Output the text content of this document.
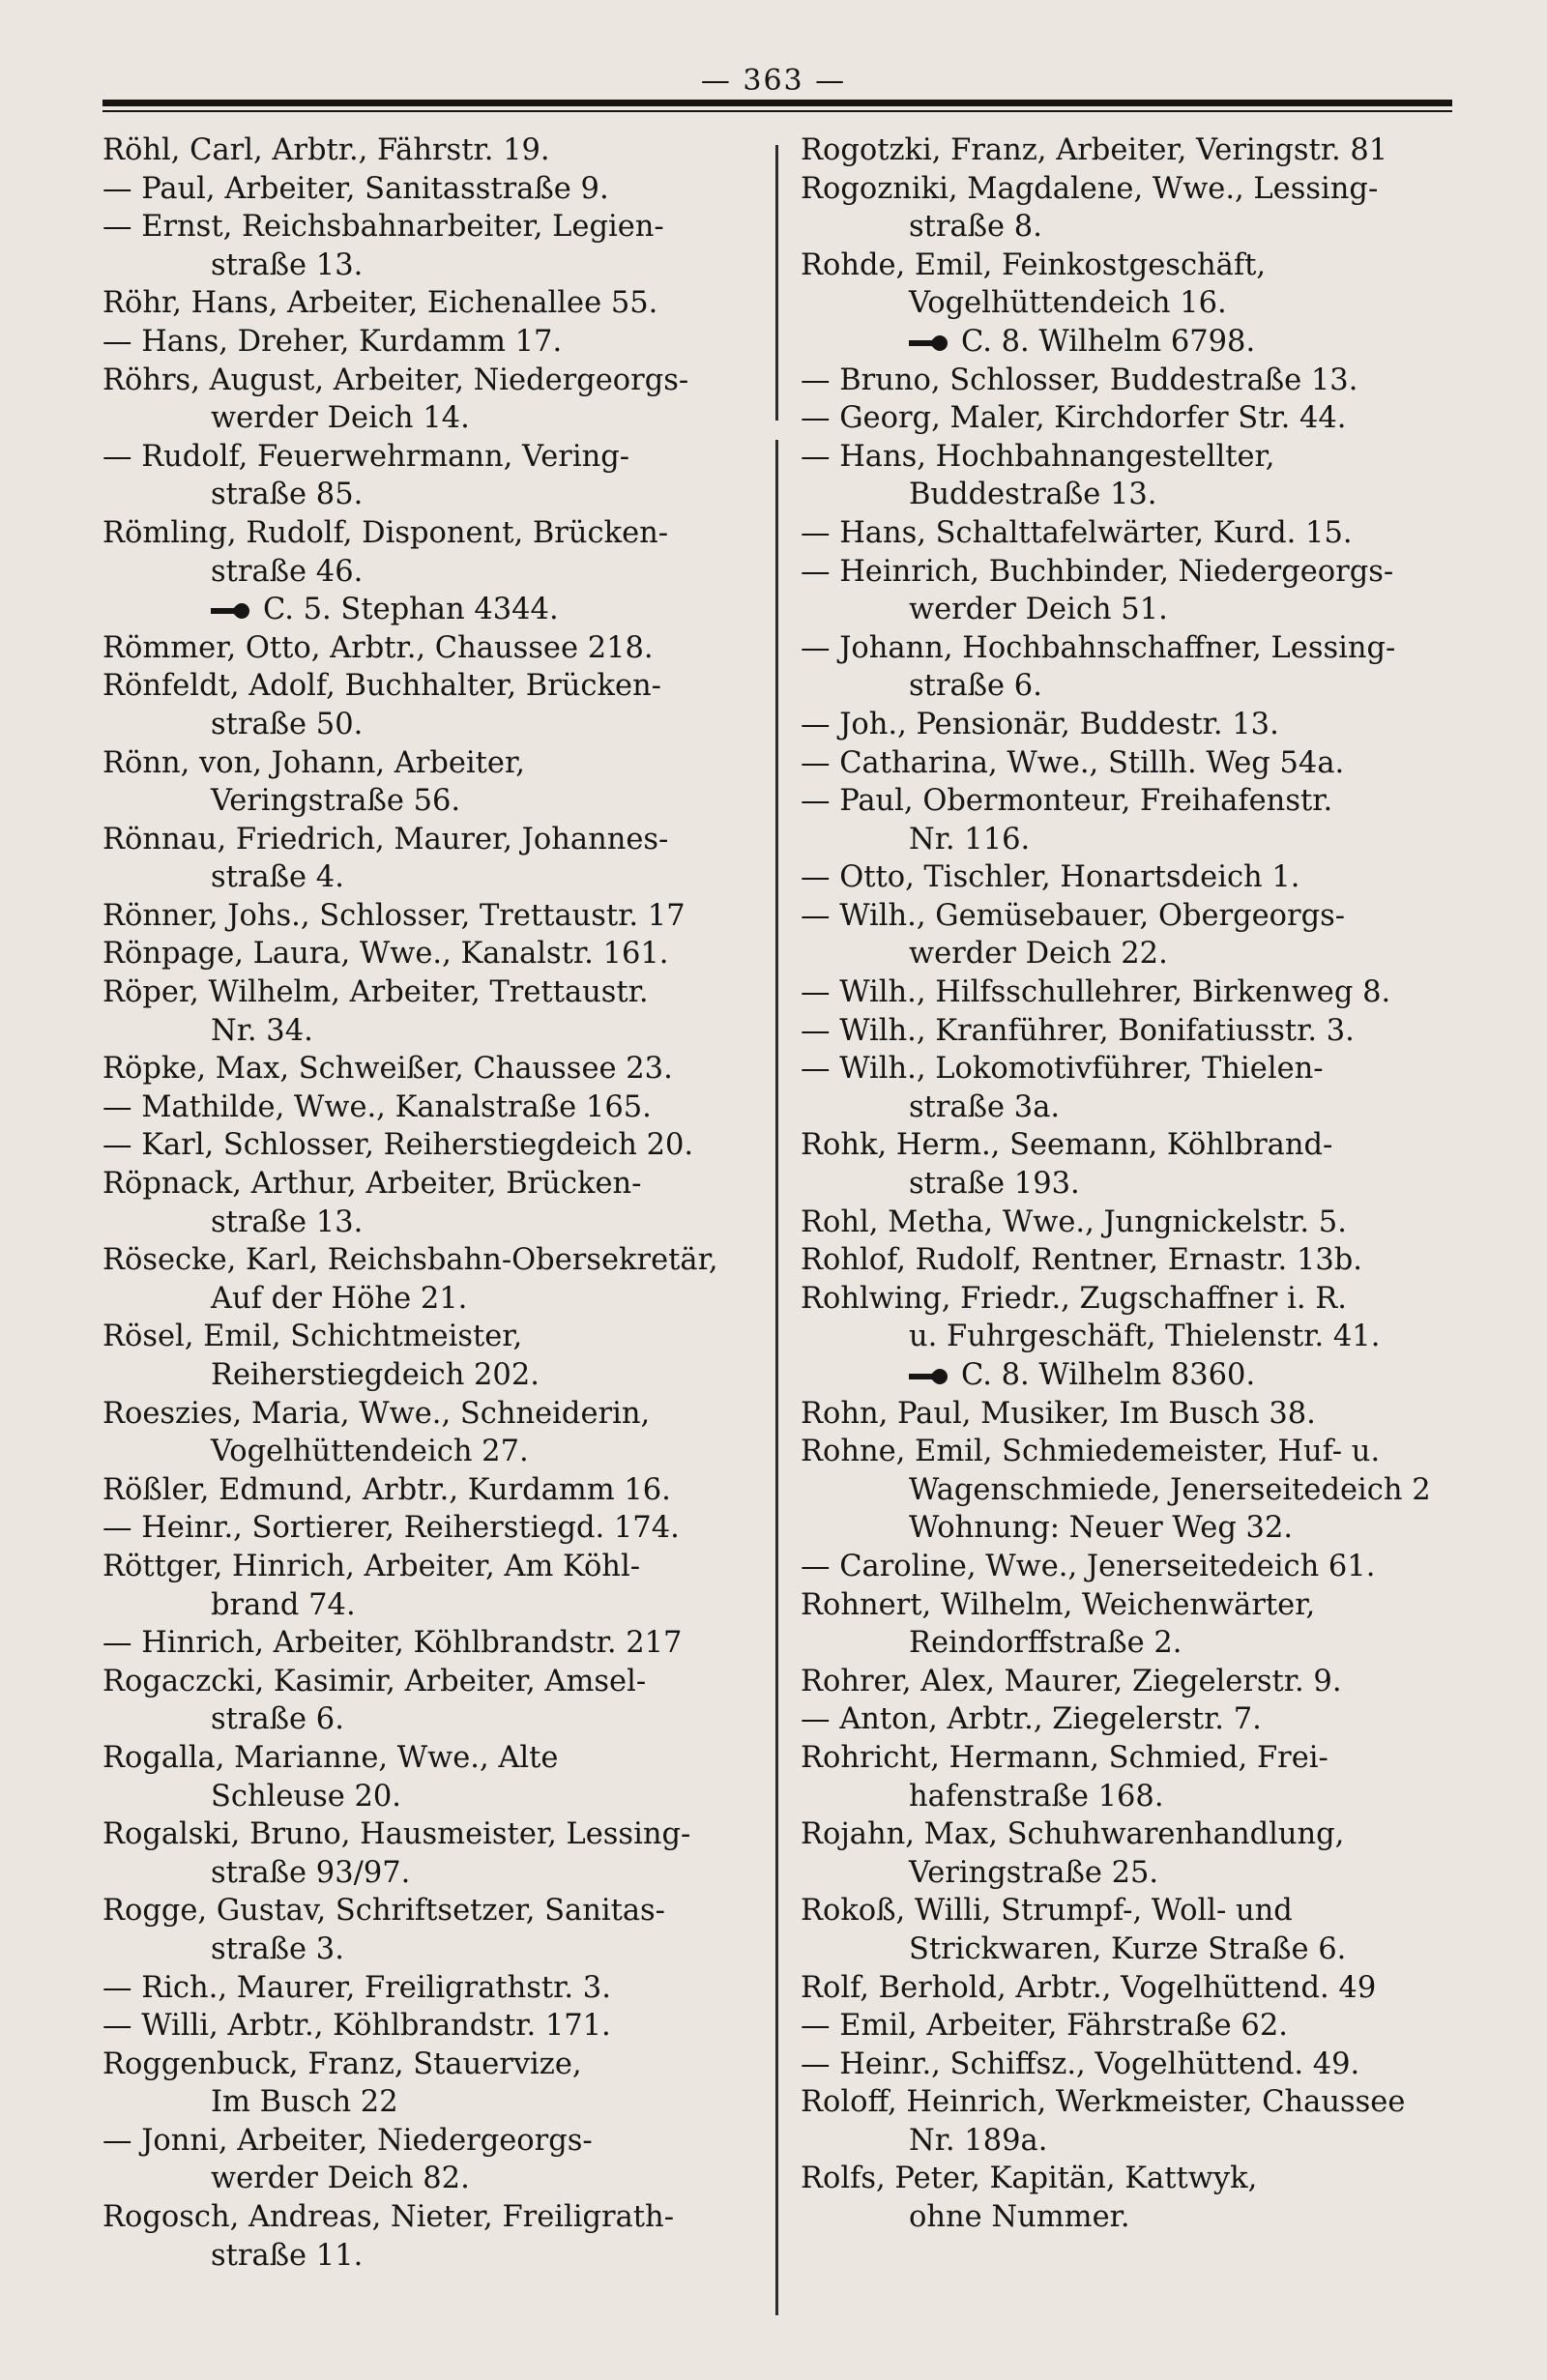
— 363 —
Röhl, Carl, Arbtr., Fährstr. 19.
— Paul, Arbeiter, Sanitasstraße 9.
— Ernst, Reichsbahnarbeiter, Legien-
straße 13.
Röhr, Hans, Arbeiter, Eichenallee 55.
— Hans, Dreher, Kurdamm 17.
Röhrs, August, Arbeiter, Niedergeorgs-
werder Deich 14.
— Rudolf, Feuerwehrmann, Vering-
straße 85.
Römling, Rudolf, Disponent, Brücken-
straße 46.
C. 5. Stephan 4344.
Römmer, Otto, Arbtr., Chaussee 218.
Rönfeldt, Adolf, Buchhalter, Brücken-
straße 50.
Rönn, von, Johann, Arbeiter,
Veringstraße 56.
Rönnau, Friedrich, Maurer, Johannes-
straße 4.
Rönner, Johs., Schlosser, Trettaustr. 17
Rönpage, Laura, Wwe., Kanalstr. 161.
Röper, Wilhelm, Arbeiter, Trettaustr.
Nr. 34.
Röpke, Max, Schweißer, Chaussee 23.
— Mathilde, Wwe., Kanalstraße 165.
— Karl, Schlosser, Reiherstiegdeich 20.
Röpnack, Arthur, Arbeiter, Brücken-
straße 13.
Rösecke, Karl, Reichsbahn-Obersekretär,
Auf der Höhe 21.
Rösel, Emil, Schichtmeister,
Reiherstiegdeich 202.
Roeszies, Maria, Wwe., Schneiderin,
Vogelhüttendeich 27.
Rößler, Edmund, Arbtr., Kurdamm 16.
— Heinr., Sortierer, Reiherstiegd. 174.
Röttger, Hinrich, Arbeiter, Am Köhl-
brand 74.
— Hinrich, Arbeiter, Köhlbrandstr. 217
Rogaczcki, Kasimir, Arbeiter, Amsel-
straße 6.
Rogalla, Marianne, Wwe., Alte
Schleuse 20.
Rogalski, Bruno, Hausmeister, Lessing-
straße 93/97.
Rogge, Gustav, Schriftsetzer, Sanitas-
straße 3.
— Rich., Maurer, Freiligrathstr. 3.
— Willi, Arbtr., Köhlbrandstr. 171.
Roggenbuck, Franz, Stauervize,
Im Busch 22
— Jonni, Arbeiter, Niedergeorgs-
werder Deich 82.
Rogosch, Andreas, Nieter, Freiligrath-
straße 11.
Rogotzki, Franz, Arbeiter, Veringstr. 81
Rogozniki, Magdalene, Wwe., Lessing-
straße 8.
Rohde, Emil, Feinkostgeschäft,
Vogelhüttendeich 16.
C. 8. Wilhelm 6798.
— Bruno, Schlosser, Buddestraße 13.
— Georg, Maler, Kirchdorfer Str. 44.
— Hans, Hochbahnangestellter,
Buddestraße 13.
— Hans, Schalttafelwärter, Kurd. 15.
— Heinrich, Buchbinder, Niedergeorgs-
werder Deich 51.
— Johann, Hochbahnschaffner, Lessing-
straße 6.
— Joh., Pensionär, Buddestr. 13.
— Catharina, Wwe., Stillh. Weg 54a.
— Paul, Obermonteur, Freihafenstr.
Nr. 116.
— Otto, Tischler, Honartsdeich 1.
— Wilh., Gemüsebauer, Obergeorgs-
werder Deich 22.
— Wilh., Hilfsschullehrer, Birkenweg 8.
— Wilh., Kranführer, Bonifatiusstr. 3.
— Wilh., Lokomotivführer, Thielen-
straße 3a.
Rohk, Herm., Seemann, Köhlbrand-
straße 193.
Rohl, Metha, Wwe., Jungnickelstr. 5.
Rohlof, Rudolf, Rentner, Ernastr. 13b.
Rohlwing, Friedr., Zugschaffner i. R.
u. Fuhrgeschäft, Thielenstr. 41.
C. 8. Wilhelm 8360.
Rohn, Paul, Musiker, Im Busch 38.
Rohne, Emil, Schmiedemeister, Huf- u.
Wagenschmiede, Jenerseitedeich 2
Wohnung: Neuer Weg 32.
— Caroline, Wwe., Jenerseitedeich 61.
Rohnert, Wilhelm, Weichenwärter,
Reindorffstraße 2.
Rohrer, Alex, Maurer, Ziegelerstr. 9.
— Anton, Arbtr., Ziegelerstr. 7.
Rohricht, Hermann, Schmied, Frei-
hafenstraße 168.
Rojahn, Max, Schuhwarenhandlung,
Veringstraße 25.
Rokoß, Willi, Strumpf-, Woll- und
Strickwaren, Kurze Straße 6.
Rolf, Berhold, Arbtr., Vogelhüttend. 49
— Emil, Arbeiter, Fährstraße 62.
— Heinr., Schiffsz., Vogelhüttend. 49.
Roloff, Heinrich, Werkmeister, Chaussee
Nr. 189a.
Rolfs, Peter, Kapitän, Kattwyk,
ohne Nummer.
